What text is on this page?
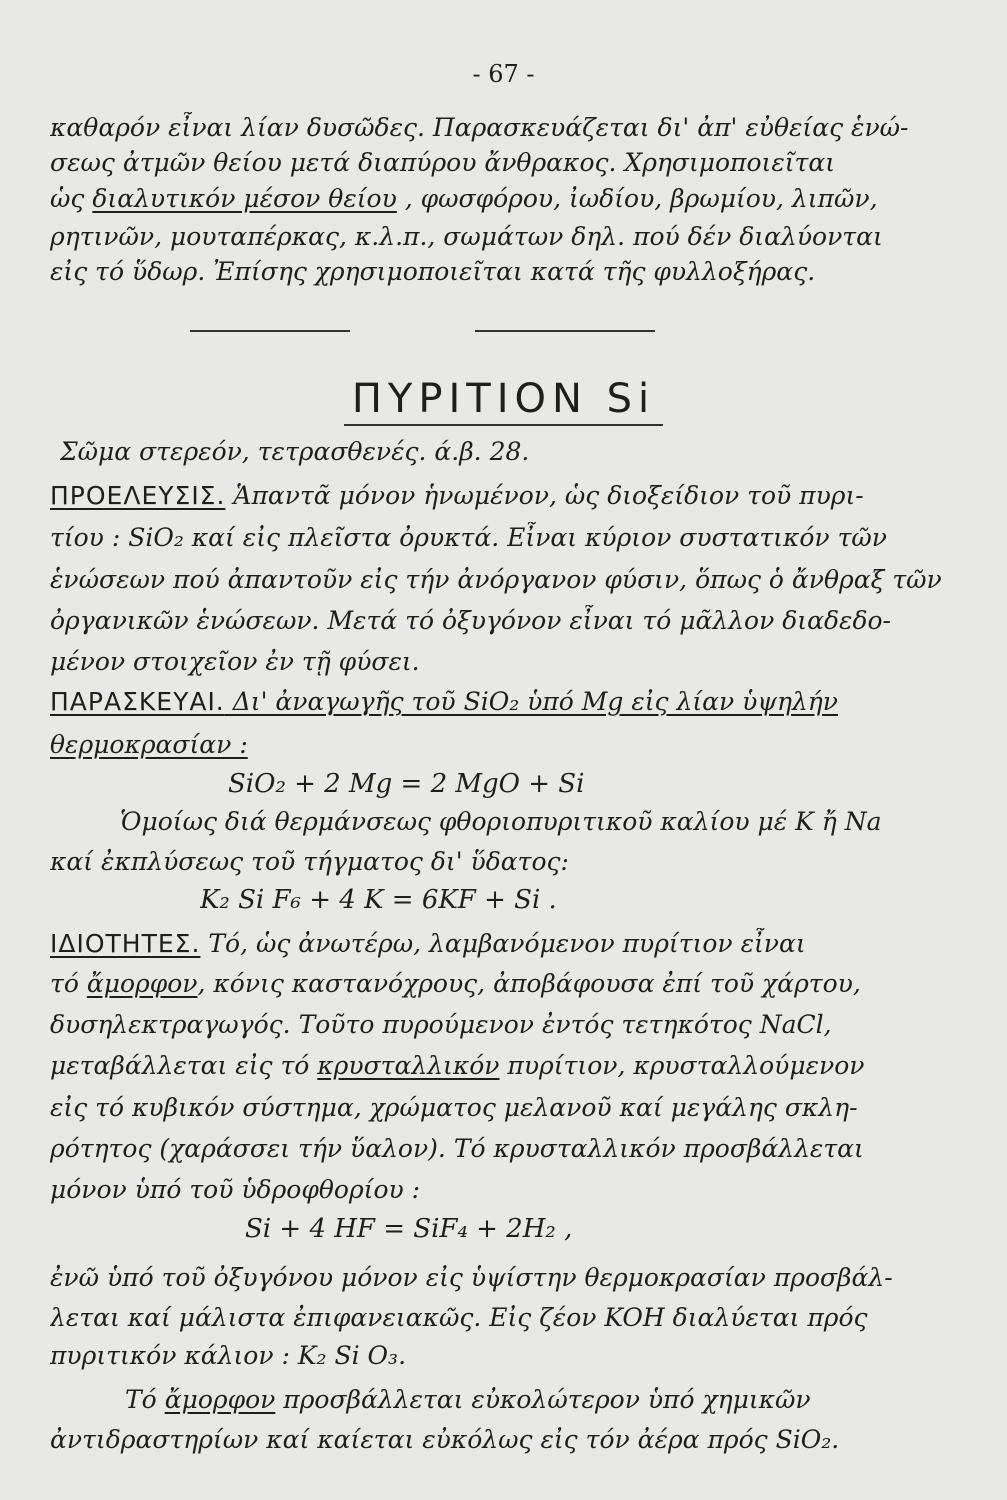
- 67 -
καθαρόν εἶναι λίαν δυσῶδες. Παρασκευάζεται δι' ἀπ' εὐθείας ἑνώ-
σεως ἀτμῶν θείου μετά διαπύρου ἄνθρακος. Χρησιμοποιεῖται
ὡς διαλυτικόν μέσον θείου , φωσφόρου, ἰωδίου, βρωμίου, λιπῶν,
ρητινῶν, μουταπέρκας, κ.λ.π., σωμάτων δηλ. πού δέν διαλύονται
εἰς τό ὕδωρ. Ἐπίσης χρησιμοποιεῖται κατά τῆς φυλλοξήρας.
ΠΥΡΙΤΙΟΝ Si
Σῶμα στερεόν, τετρασθενές. ά.β. 28.
ΠΡΟΕΛΕΥΣΙΣ. Ἁπαντᾶ μόνον ἡνωμένον, ὡς διοξείδιον τοῦ πυρι-
τίου : SiO₂ καί εἰς πλεῖστα ὀρυκτά. Εἶναι κύριον συστατικόν τῶν
ἑνώσεων πού ἀπαντοῦν εἰς τήν ἀνόργανον φύσιν, ὅπως ὁ ἄνθραξ τῶν
ὀργανικῶν ἑνώσεων. Μετά τό ὀξυγόνον εἶναι τό μᾶλλον διαδεδο-
μένον στοιχεῖον ἐν τῇ φύσει.
ΠΑΡΑΣΚΕΥΑΙ. Δι' ἀναγωγῆς τοῦ SiO₂ ὑπό Mg εἰς λίαν ὑψηλήν
θερμοκρασίαν :
SiO₂ + 2 Mg = 2 MgO + Si
Ὁμοίως διά θερμάνσεως φθοριοπυριτικοῦ καλίου μέ Κ ἤ Na
καί ἐκπλύσεως τοῦ τήγματος δι' ὕδατος:
K₂ Si F₆ + 4 K = 6KF + Si .
ΙΔΙΟΤΗΤΕΣ. Τό, ὡς ἀνωτέρω, λαμβανόμενον πυρίτιον εἶναι
τό ἄμορφον, κόνις καστανόχρους, ἀποβάφουσα ἐπί τοῦ χάρτου,
δυσηλεκτραγωγός. Τοῦτο πυρούμενον ἐντός τετηκότος NaCl,
μεταβάλλεται εἰς τό κρυσταλλικόν πυρίτιον, κρυσταλλούμενον
εἰς τό κυβικόν σύστημα, χρώματος μελανοῦ καί μεγάλης σκλη-
ρότητος (χαράσσει τήν ὕαλον). Τό κρυσταλλικόν προσβάλλεται
μόνον ὑπό τοῦ ὑδροφθορίου :
Si + 4 HF = SiF₄ + 2H₂ ,
ἐνῶ ὑπό τοῦ ὀξυγόνου μόνον εἰς ὑψίστην θερμοκρασίαν προσβάλ-
λεται καί μάλιστα ἐπιφανειακῶς. Εἰς ζέον KOH διαλύεται πρός
πυριτικόν κάλιον : K₂ Si O₃.
Τό ἄμορφον προσβάλλεται εὐκολώτερον ὑπό χημικῶν
ἀντιδραστηρίων καί καίεται εὐκόλως εἰς τόν ἀέρα πρός SiO₂.
